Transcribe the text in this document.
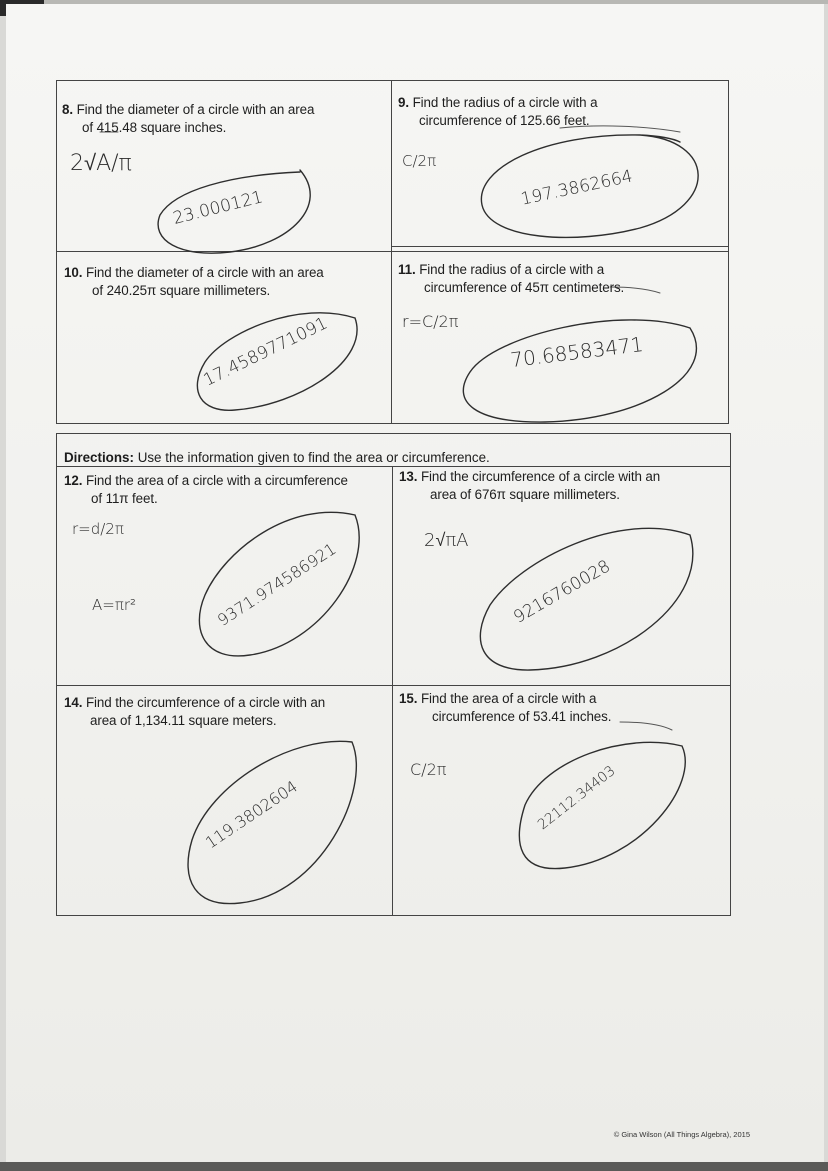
8. Find the diameter of a circle with an area
of 415.48 square inches.
9. Find the radius of a circle with a
circumference of 125.66 feet.
10. Find the diameter of a circle with an area
of 240.25π square millimeters.
11. Find the radius of a circle with a
circumference of 45π centimeters.
Directions: Use the information given to find the area or circumference.
12. Find the area of a circle with a circumference
of 11π feet.
13. Find the circumference of a circle with an
area of 676π square millimeters.
14. Find the circumference of a circle with an
area of 1,134.11 square meters.
15. Find the area of a circle with a
circumference of 53.41 inches.
2√A/π
23.000121
C/2π
197.3862664
17.4589771091	r=C/2π
70.68583471
r=d/2π
A=πr²	9371.974586921	2√πA
9216760028
119.3802604
C/2π	22112.34403
© Gina Wilson (All Things Algebra), 2015
